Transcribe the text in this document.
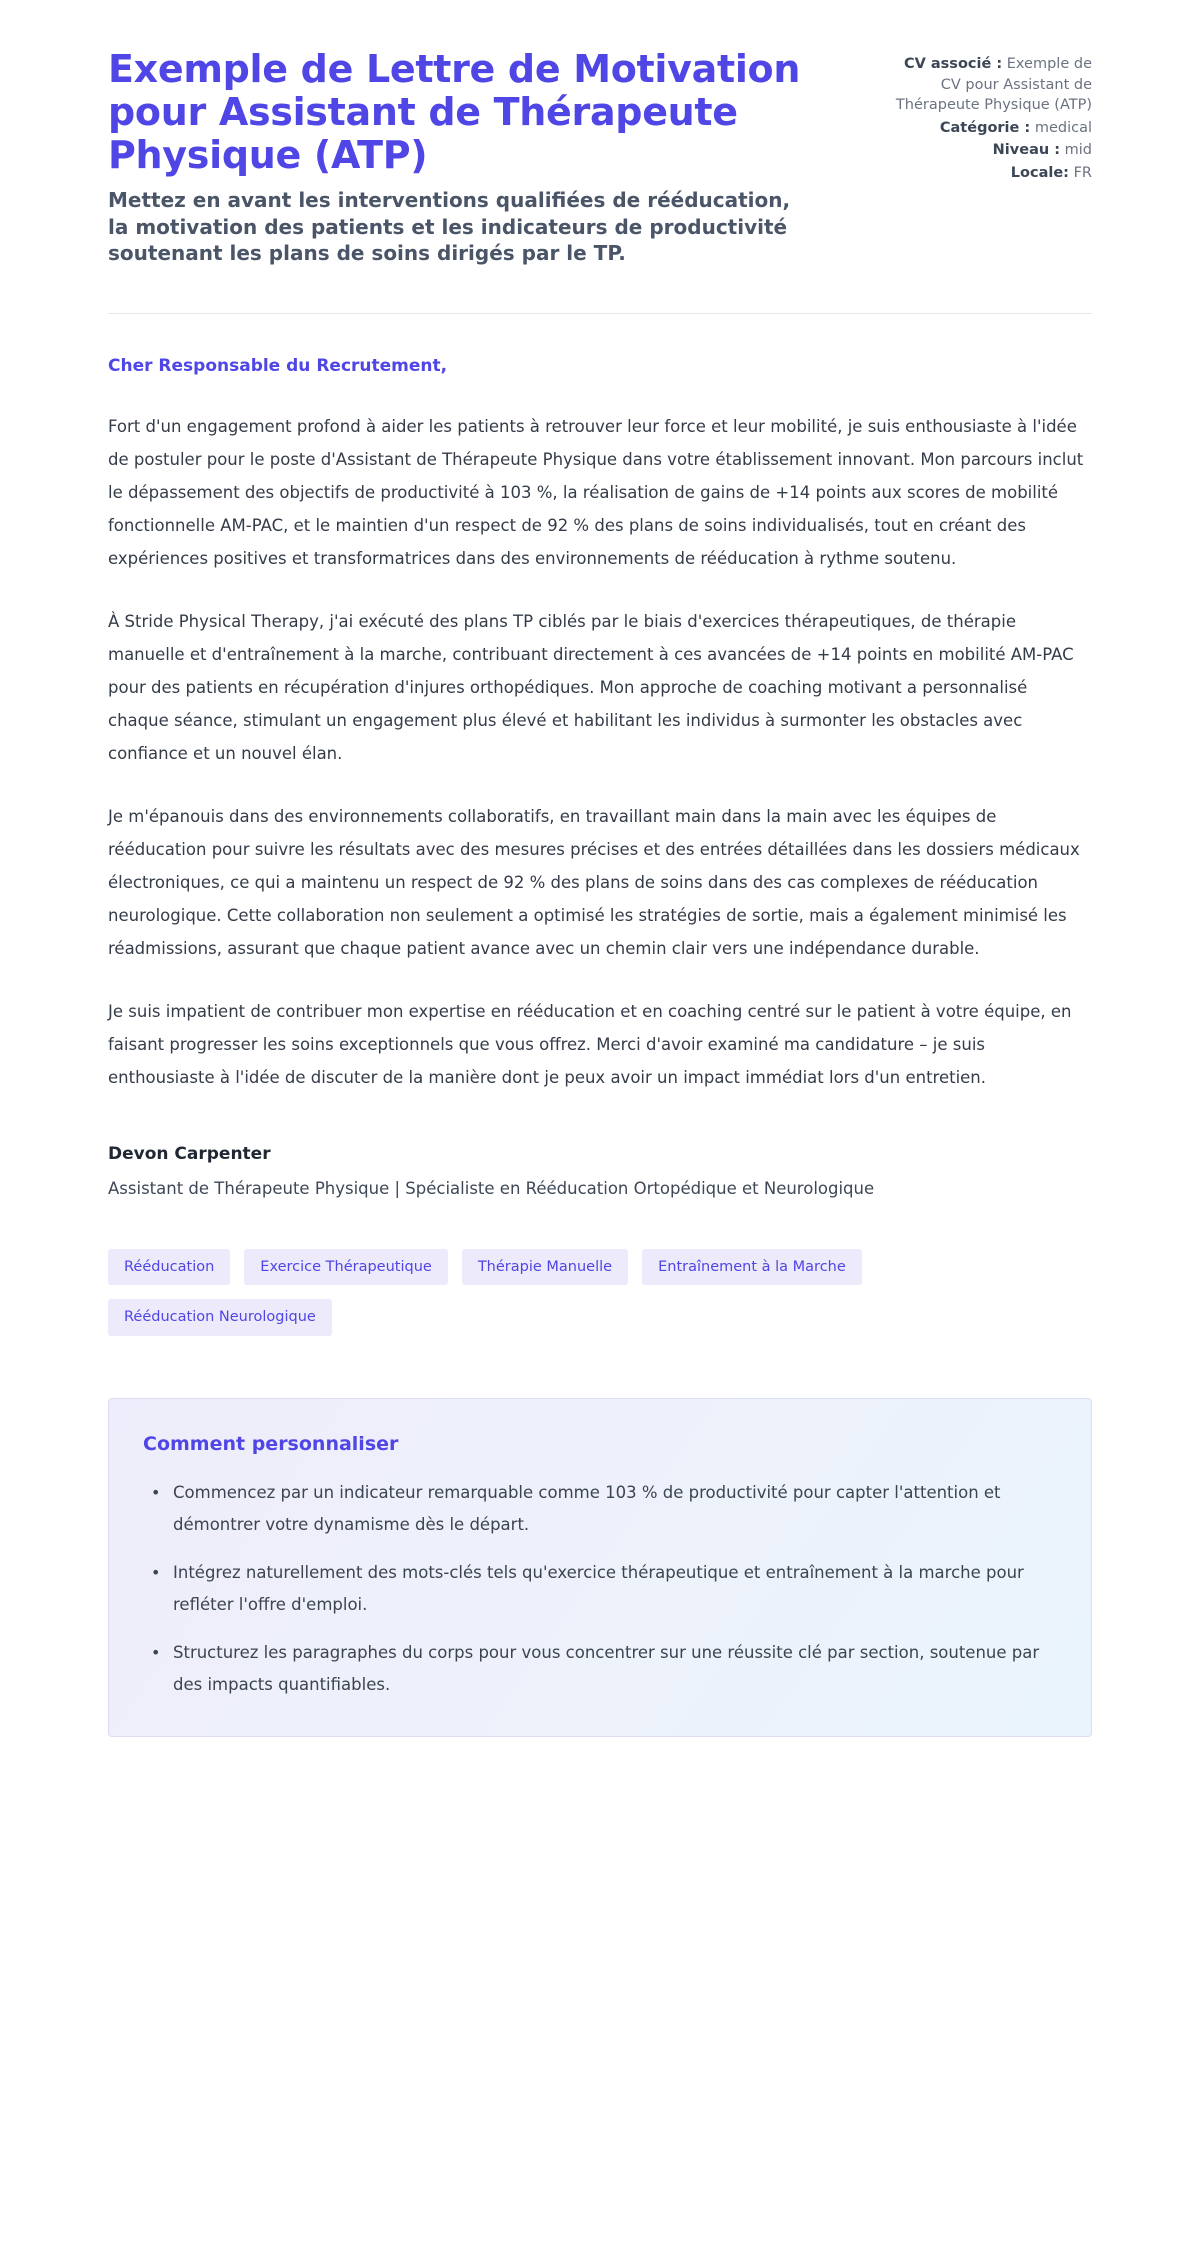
Exemple de Lettre de Motivation pour Assistant de Thérapeute Physique (ATP)

Mettez en avant les interventions qualifiées de rééducation, la motivation des patients et les indicateurs de productivité soutenant les plans de soins dirigés par le TP.

CV associé : Exemple de CV pour Assistant de Thérapeute Physique (ATP)
Catégorie : medical
Niveau : mid
Locale: FR

Cher Responsable du Recrutement,

Fort d'un engagement profond à aider les patients à retrouver leur force et leur mobilité, je suis enthousiaste à l'idée de postuler pour le poste d'Assistant de Thérapeute Physique dans votre établissement innovant. Mon parcours inclut le dépassement des objectifs de productivité à 103 %, la réalisation de gains de +14 points aux scores de mobilité fonctionnelle AM-PAC, et le maintien d'un respect de 92 % des plans de soins individualisés, tout en créant des expériences positives et transformatrices dans des environnements de rééducation à rythme soutenu.

À Stride Physical Therapy, j'ai exécuté des plans TP ciblés par le biais d'exercices thérapeutiques, de thérapie manuelle et d'entraînement à la marche, contribuant directement à ces avancées de +14 points en mobilité AM-PAC pour des patients en récupération d'injures orthopédiques. Mon approche de coaching motivant a personnalisé chaque séance, stimulant un engagement plus élevé et habilitant les individus à surmonter les obstacles avec confiance et un nouvel élan.

Je m'épanouis dans des environnements collaboratifs, en travaillant main dans la main avec les équipes de rééducation pour suivre les résultats avec des mesures précises et des entrées détaillées dans les dossiers médicaux électroniques, ce qui a maintenu un respect de 92 % des plans de soins dans des cas complexes de rééducation neurologique. Cette collaboration non seulement a optimisé les stratégies de sortie, mais a également minimisé les réadmissions, assurant que chaque patient avance avec un chemin clair vers une indépendance durable.

Je suis impatient de contribuer mon expertise en rééducation et en coaching centré sur le patient à votre équipe, en faisant progresser les soins exceptionnels que vous offrez. Merci d'avoir examiné ma candidature – je suis enthousiaste à l'idée de discuter de la manière dont je peux avoir un impact immédiat lors d'un entretien.

Devon Carpenter
Assistant de Thérapeute Physique | Spécialiste en Rééducation Ortopédique et Neurologique
Rééducation	Exercice Thérapeutique	Thérapie Manuelle	Entraînement à la Marche
Rééducation Neurologique
Comment personnaliser
• Commencez par un indicateur remarquable comme 103 % de productivité pour capter l'attention et démontrer votre dynamisme dès le départ.
• Intégrez naturellement des mots-clés tels qu'exercice thérapeutique et entraînement à la marche pour refléter l'offre d'emploi.
• Structurez les paragraphes du corps pour vous concentrer sur une réussite clé par section, soutenue par des impacts quantifiables.
